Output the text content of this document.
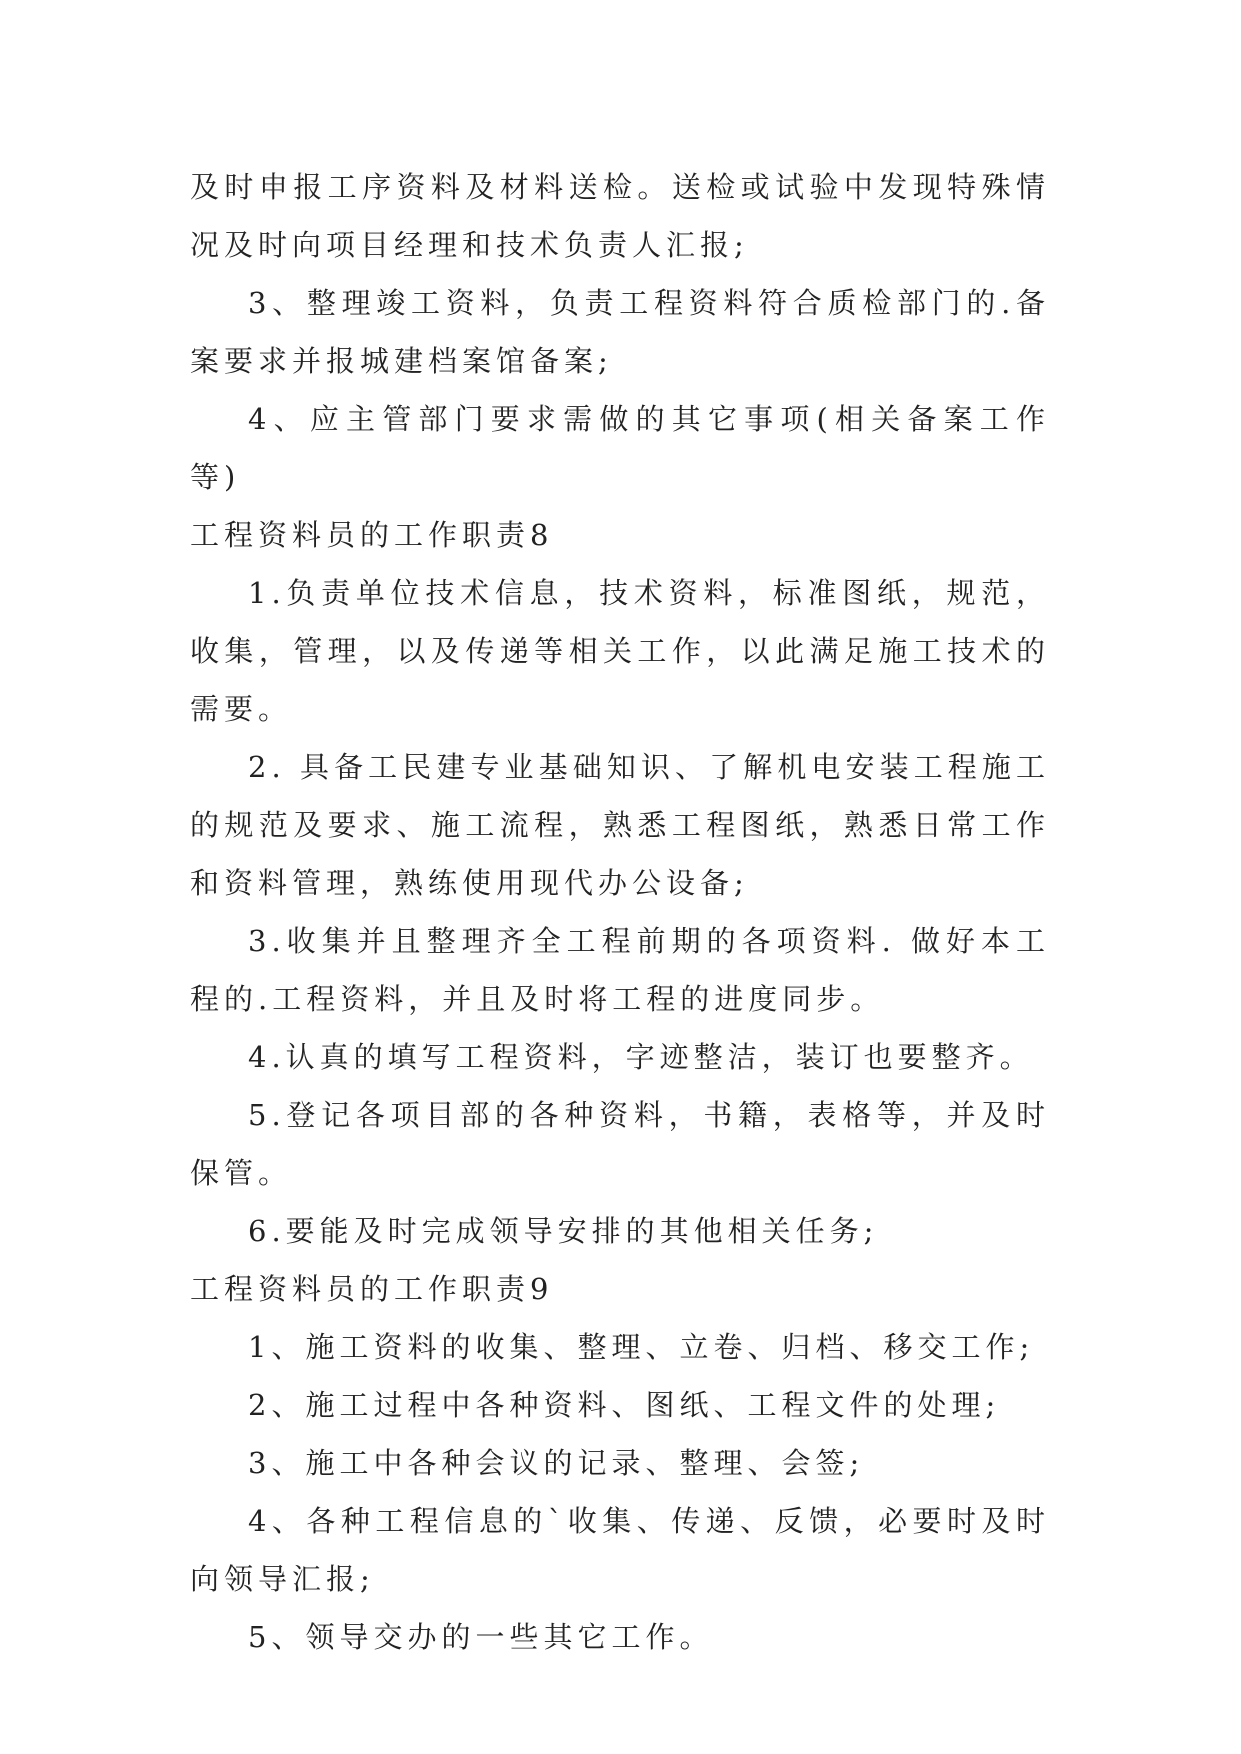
及时申报工序资料及材料送检。送检或试验中发现特殊情况及时向项目经理和技术负责人汇报;

3、整理竣工资料，负责工程资料符合质检部门的.备案要求并报城建档案馆备案;

4、应主管部门要求需做的其它事项(相关备案工作等)

工程资料员的工作职责8

1.负责单位技术信息，技术资料，标准图纸，规范，收集，管理，以及传递等相关工作，以此满足施工技术的需要。

2. 具备工民建专业基础知识、了解机电安装工程施工的规范及要求、施工流程，熟悉工程图纸，熟悉日常工作和资料管理，熟练使用现代办公设备;

3.收集并且整理齐全工程前期的各项资料. 做好本工程的.工程资料，并且及时将工程的进度同步。

4.认真的填写工程资料，字迹整洁，装订也要整齐。

5.登记各项目部的各种资料，书籍，表格等，并及时保管。

6.要能及时完成领导安排的其他相关任务;

工程资料员的工作职责9

1、施工资料的收集、整理、立卷、归档、移交工作;

2、施工过程中各种资料、图纸、工程文件的处理;

3、施工中各种会议的记录、整理、会签;

4、各种工程信息的`收集、传递、反馈，必要时及时向领导汇报;

5、领导交办的一些其它工作。
